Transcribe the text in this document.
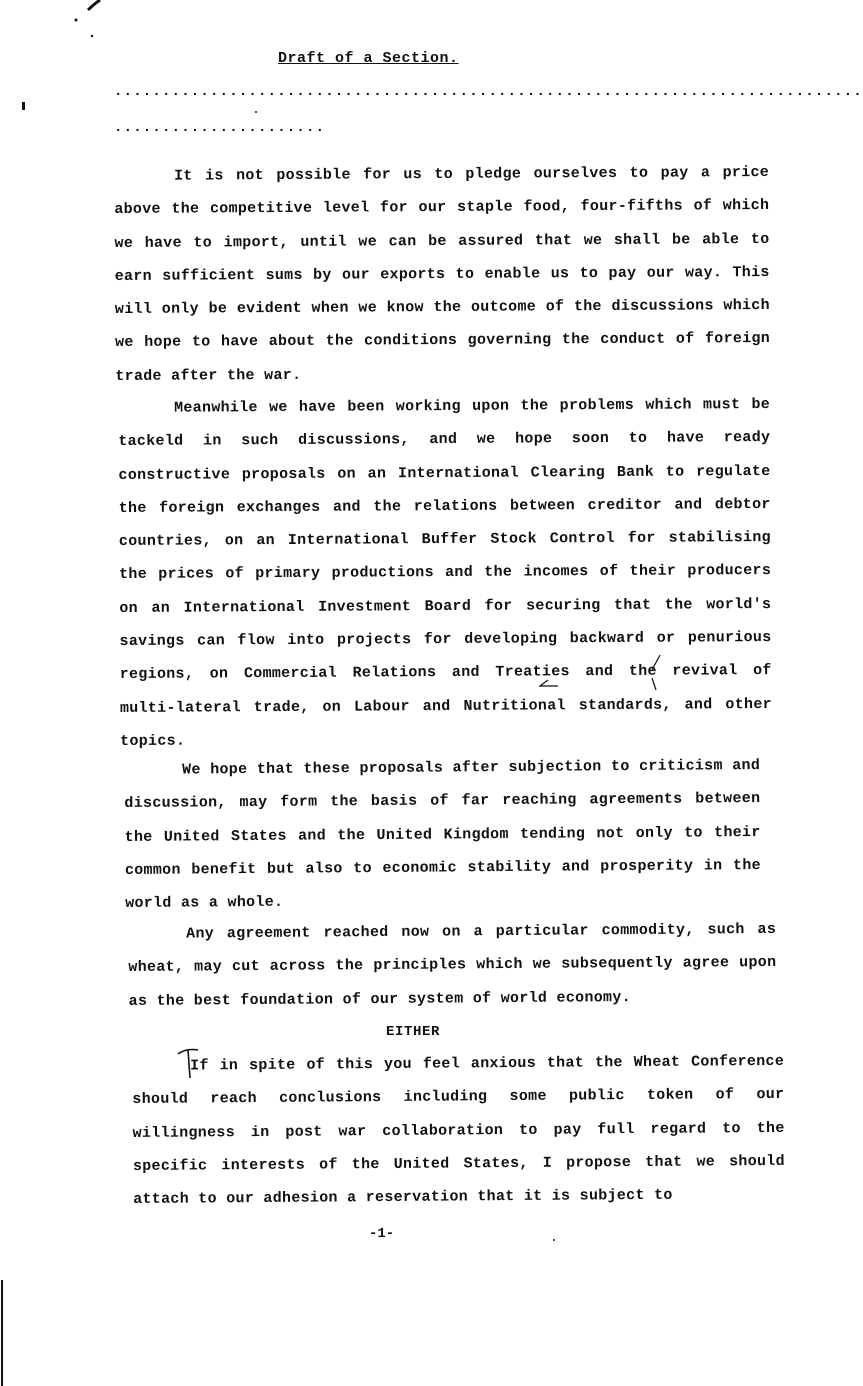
Draft of a Section.
..............................................................................
......................
It is not possible for us to pledge ourselves to pay a price above the competitive level for our staple food, four-fifths of which we have to import, until we can be assured that we shall be able to earn sufficient sums by our exports to enable us to pay our way. This will only be evident when we know the outcome of the discussions which we hope to have about the conditions governing the conduct of foreign trade after the war.
Meanwhile we have been working upon the problems which must be tackeld in such discussions, and we hope soon to have ready constructive proposals on an International Clearing Bank to regulate the foreign exchanges and the relations between creditor and debtor countries, on an International Buffer Stock Control for stabilising the prices of primary productions and the incomes of their producers on an International Investment Board for securing that the world's savings can flow into projects for developing backward or penurious regions, on Commercial Relations and Treaties and the revival of multi-lateral trade, on Labour and Nutritional standards, and other topics.
We hope that these proposals after subjection to criticism and discussion, may form the basis of far reaching agreements between the United States and the United Kingdom tending not only to their common benefit but also to economic stability and prosperity in the world as a whole.
Any agreement reached now on a particular commodity, such as wheat, may cut across the principles which we subsequently agree upon as the best foundation of our system of world economy.
EITHER
If in spite of this you feel anxious that the Wheat Conference should reach conclusions including some public token of our willingness in post war collaboration to pay full regard to the specific interests of the United States, I propose that we should attach to our adhesion a reservation that it is subject to
-1-
